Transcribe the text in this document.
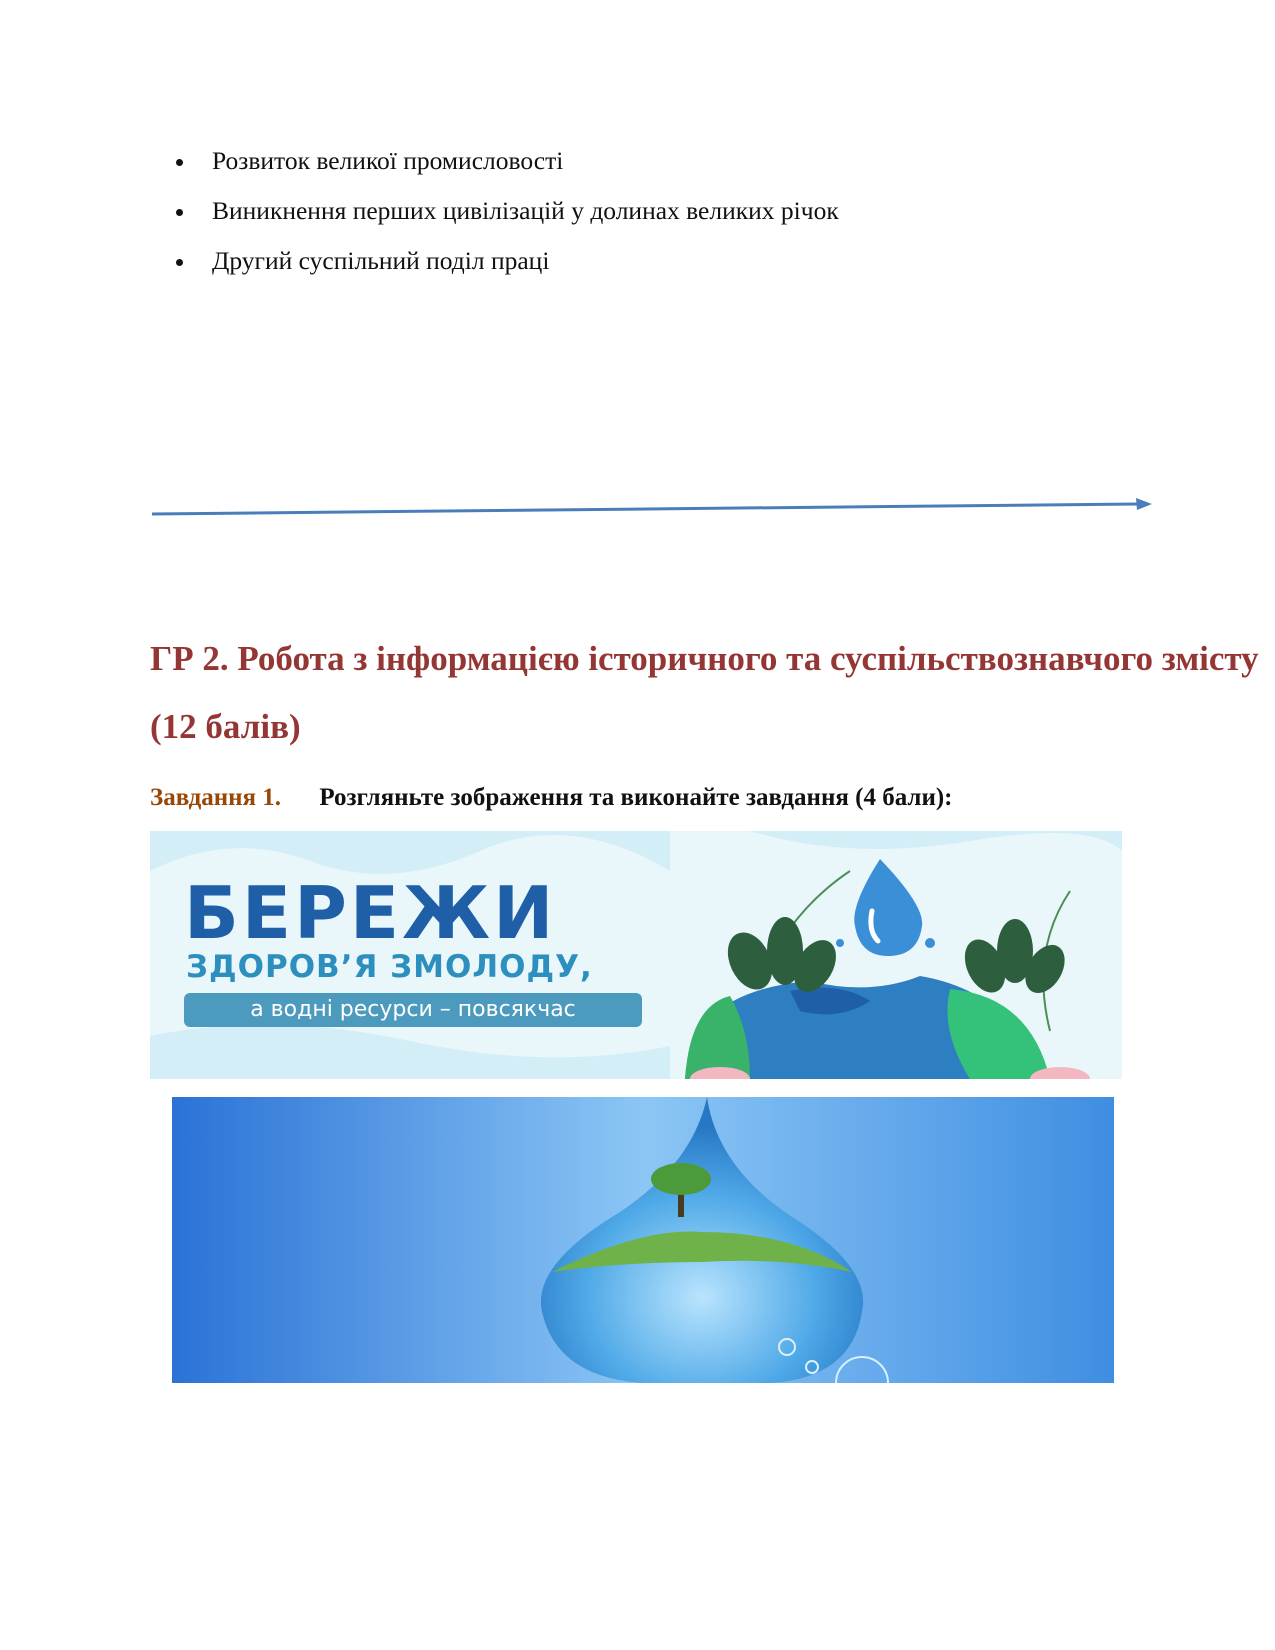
Розвиток великої промисловості
Виникнення перших цивілізацій у долинах великих річок
Другий суспільний поділ праці
ГР 2. Робота з інформацією історичного та суспільствознавчого змісту (12 балів)
Завдання 1. Розгляньте зображення та виконайте завдання (4 бали):
БЕРЕЖИ
ЗДОРОВ’Я ЗМОЛОДУ,
а водні ресурси – повсякчас
